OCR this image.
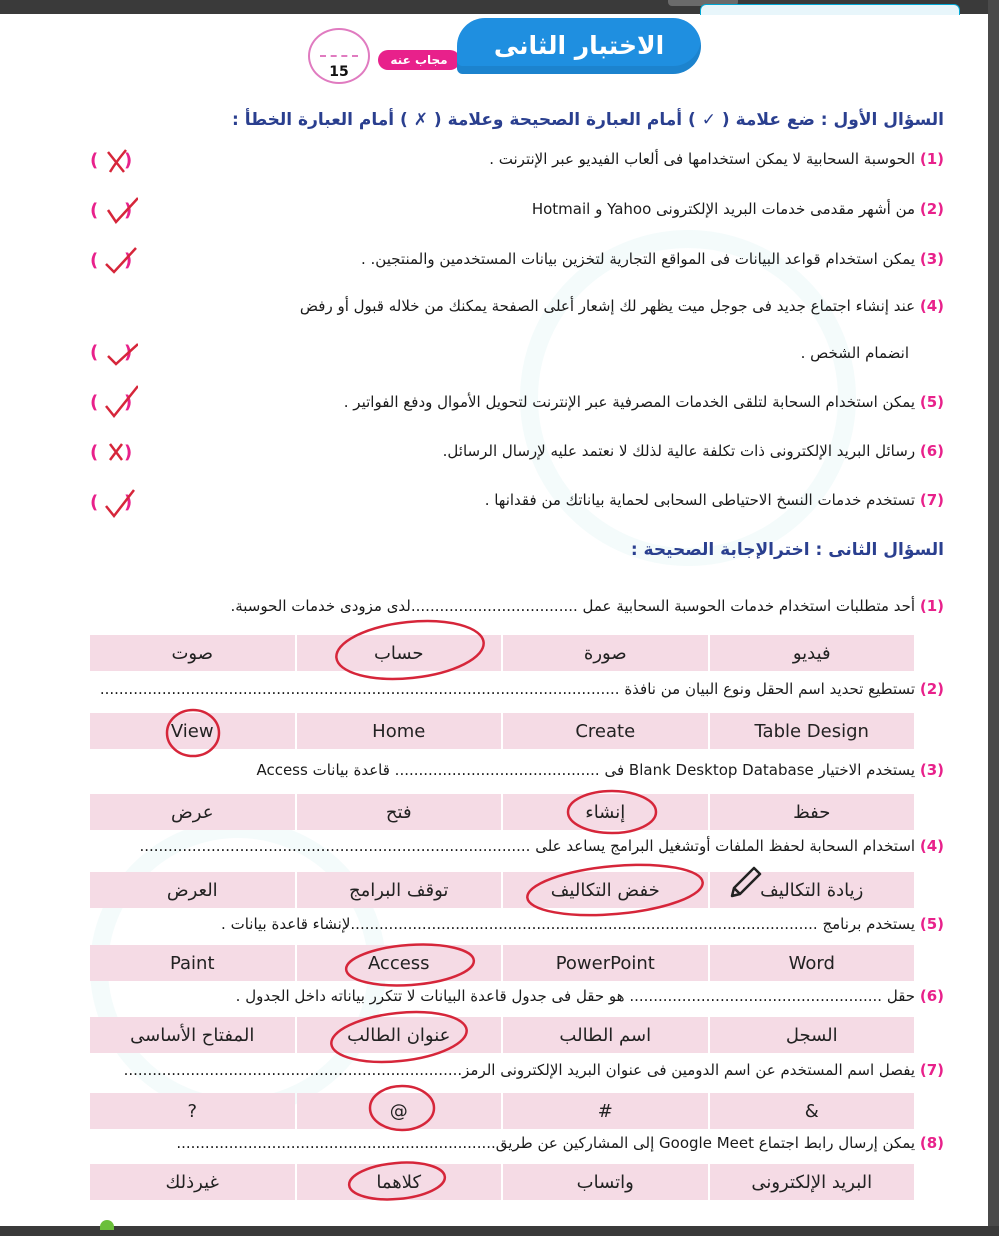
15
مجاب عنه	الاختبار الثانى
السؤال الأول : ضع علامة ( ✓ ) أمام العبارة الصحيحة وعلامة ( ✗ ) أمام العبارة الخطأ :
(1) الحوسبة السحابية لا يمكن استخدامها فى ألعاب الفيديو عبر الإنترنت .
( )
(2) من أشهر مقدمى خدمات البريد الإلكترونى Yahoo و Hotmail
( )
(3) يمكن استخدام قواعد البيانات فى المواقع التجارية لتخزين بيانات المستخدمين والمنتجين. .
( )
(4) عند إنشاء اجتماع جديد فى جوجل ميت يظهر لك إشعار أعلى الصفحة يمكنك من خلاله قبول أو رفض
انضمام الشخص .
( )
(5) يمكن استخدام السحابة لتلقى الخدمات المصرفية عبر الإنترنت لتحويل الأموال ودفع الفواتير .
( )
(6) رسائل البريد الإلكترونى ذات تكلفة عالية لذلك لا نعتمد عليه لإرسال الرسائل.
( )
(7) تستخدم خدمات النسخ الاحتياطى السحابى لحماية بياناتك من فقدانها .
( )
السؤال الثانى : اخترالإجابة الصحيحة :
(1) أحد متطلبات استخدام خدمات الحوسبة السحابية عمل ...................................لدى مزودى خدمات الحوسبة.
صوت	حساب	صورة	فيديو
(2) تستطيع تحديد اسم الحقل ونوع البيان من نافذة .............................................................................................................
View	Home	Create	Table Design
(3) يستخدم الاختيار Blank Desktop Database فى ........................................... قاعدة بيانات Access
عرض	فتح	إنشاء	حفظ
(4) استخدام السحابة لحفظ الملفات أوتشغيل البرامج يساعد على ..................................................................................
العرض	توقف البرامج	خفض التكاليف	زيادة التكاليف
(5) يستخدم برنامج ..................................................................................................لإنشاء قاعدة بيانات .
Paint	Access	PowerPoint	Word
(6) حقل ..................................................... هو حقل فى جدول قاعدة البيانات لا تتكرر بياناته داخل الجدول .
المفتاح الأساسى	عنوان الطالب	اسم الطالب	السجل
(7) يفصل اسم المستخدم عن اسم الدومين فى عنوان البريد الإلكترونى الرمز.......................................................................
?	@	#	&
(8) يمكن إرسال رابط اجتماع Google Meet إلى المشاركين عن طريق...................................................................
غيرذلك	كلاهما	واتساب	البريد الإلكترونى
